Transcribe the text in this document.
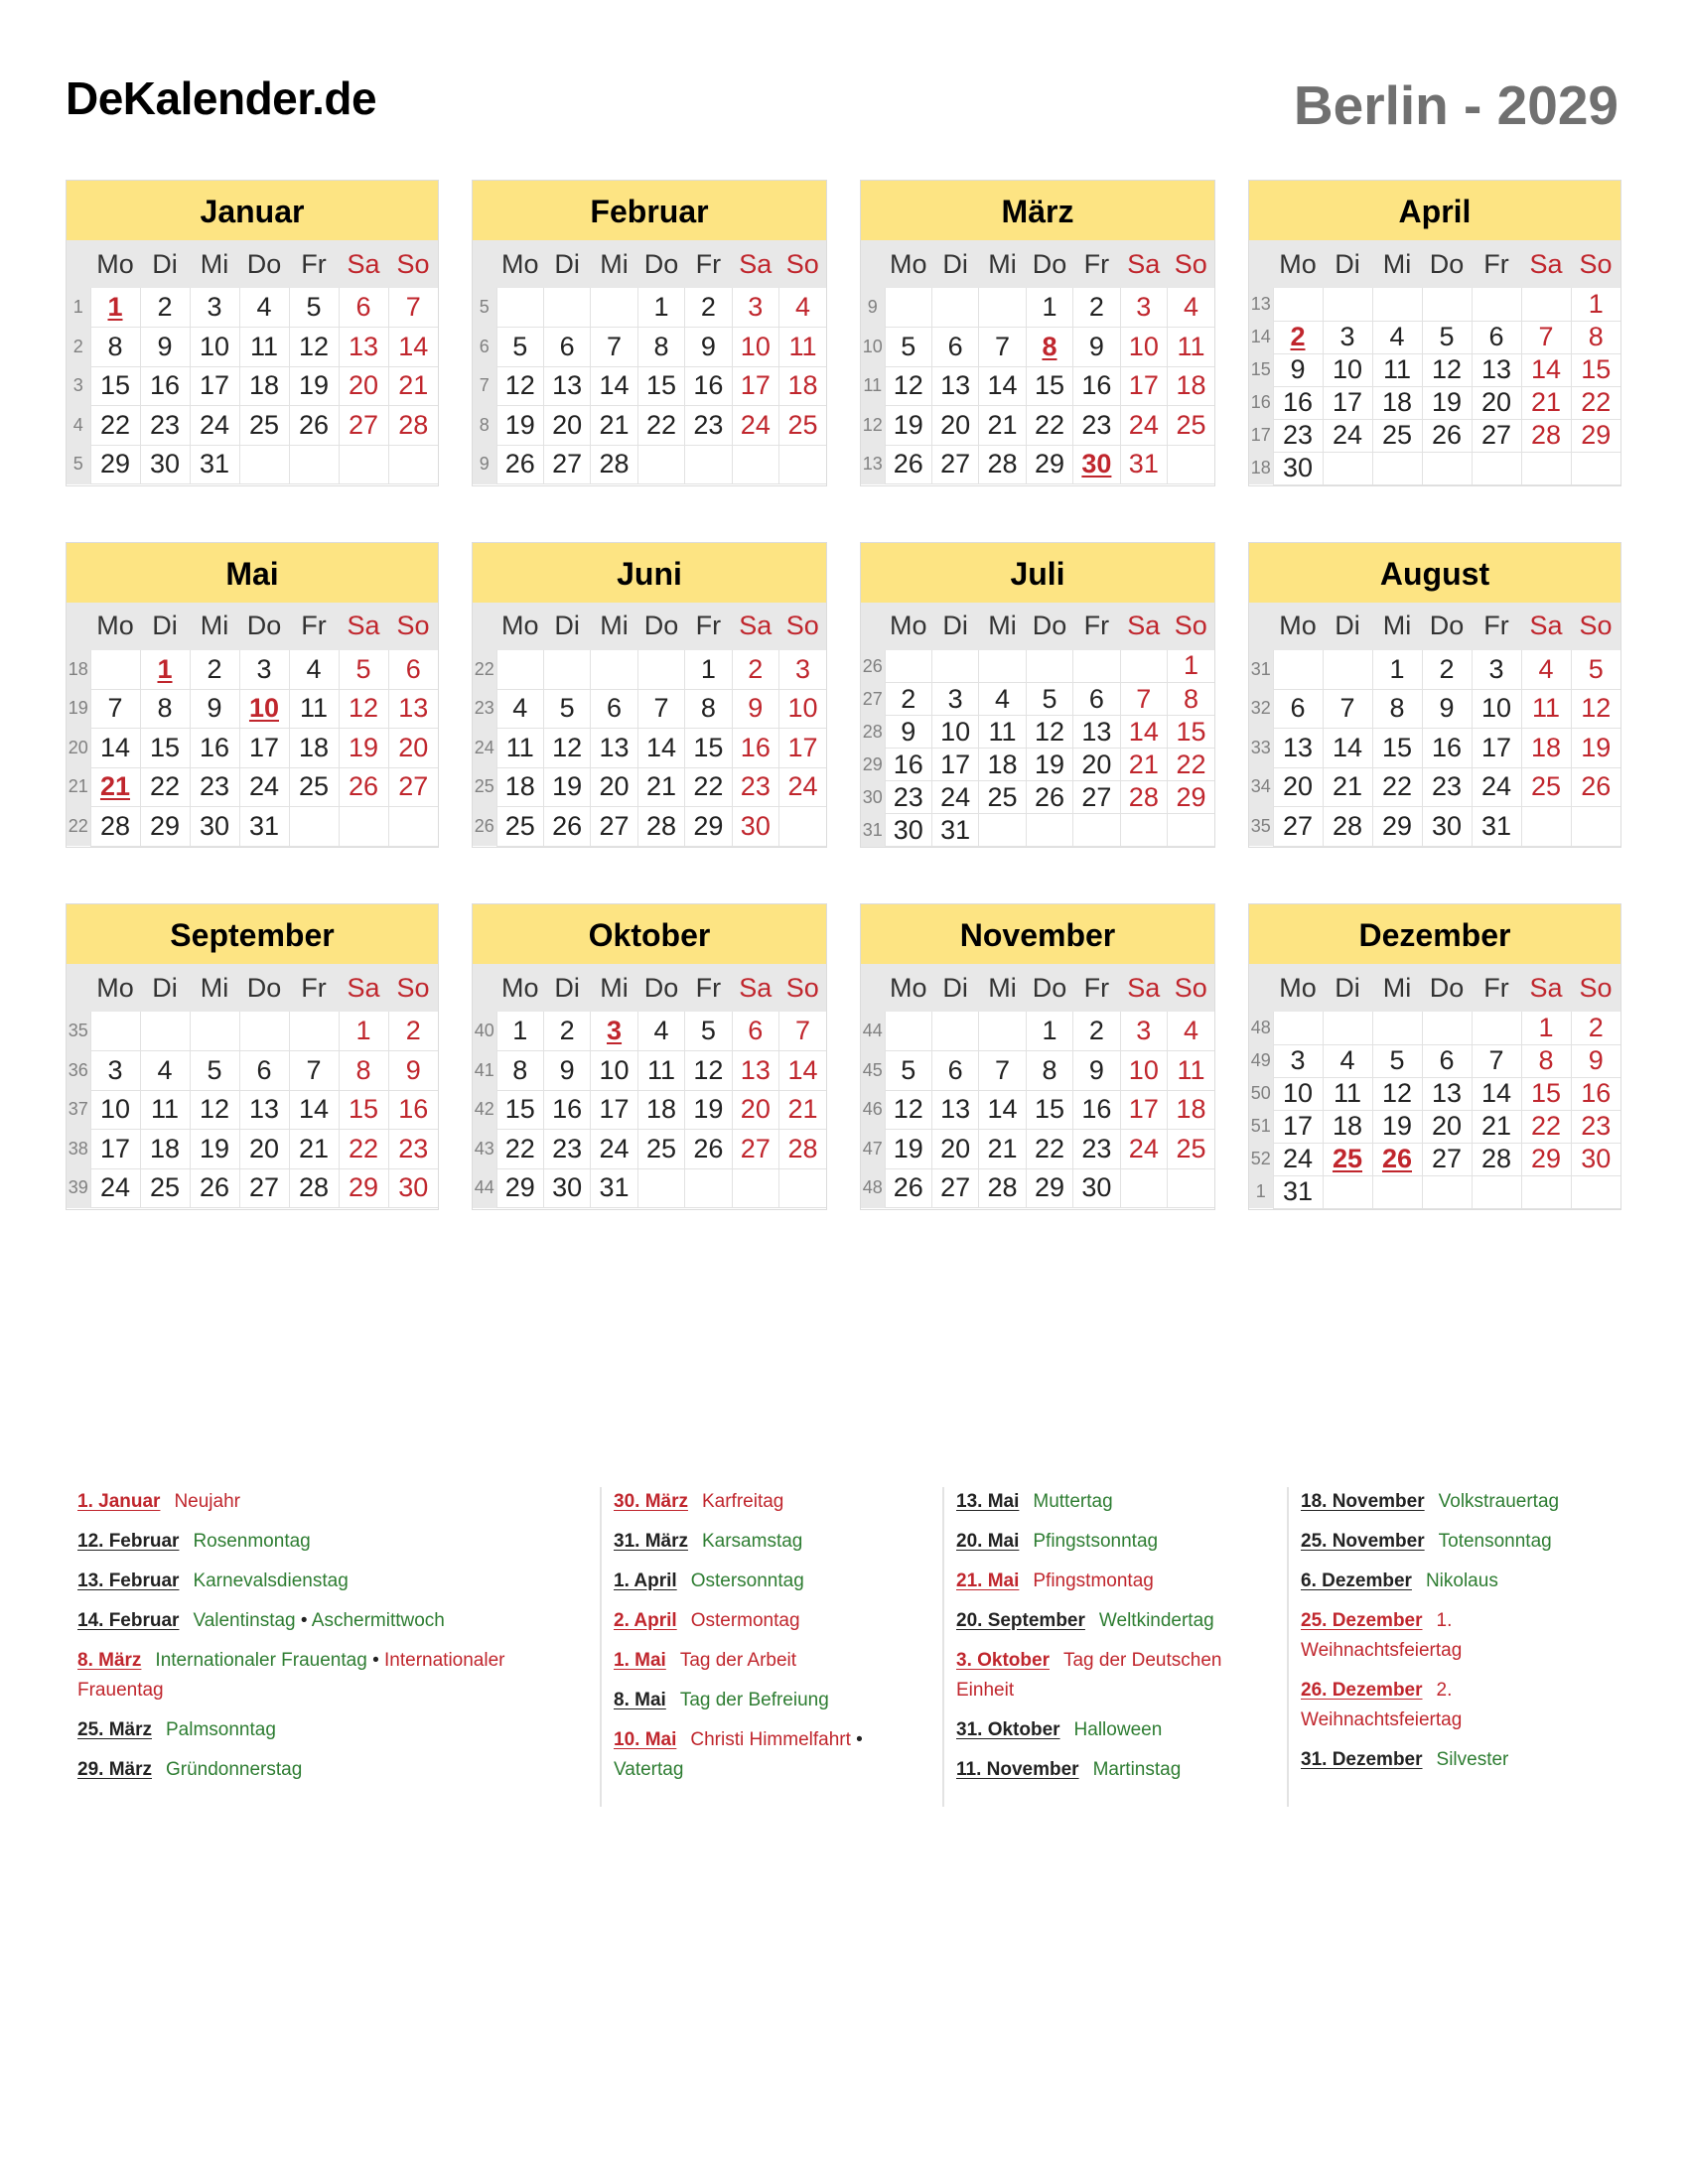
DeKalender.de	Berlin - 2029
Januar
	Mo	Di	Mi	Do	Fr	Sa	So
1	1	2	3	4	5	6	7
2	8	9	10	11	12	13	14
3	15	16	17	18	19	20	21
4	22	23	24	25	26	27	28
5	29	30	31				
Februar
	Mo	Di	Mi	Do	Fr	Sa	So
5				1	2	3	4
6	5	6	7	8	9	10	11
7	12	13	14	15	16	17	18
8	19	20	21	22	23	24	25
9	26	27	28				
März
	Mo	Di	Mi	Do	Fr	Sa	So
9				1	2	3	4
10	5	6	7	8	9	10	11
11	12	13	14	15	16	17	18
12	19	20	21	22	23	24	25
13	26	27	28	29	30	31	
April
	Mo	Di	Mi	Do	Fr	Sa	So
13							1
14	2	3	4	5	6	7	8
15	9	10	11	12	13	14	15
16	16	17	18	19	20	21	22
17	23	24	25	26	27	28	29
18	30						
Mai
	Mo	Di	Mi	Do	Fr	Sa	So
18		1	2	3	4	5	6
19	7	8	9	10	11	12	13
20	14	15	16	17	18	19	20
21	21	22	23	24	25	26	27
22	28	29	30	31			
Juni
	Mo	Di	Mi	Do	Fr	Sa	So
22					1	2	3
23	4	5	6	7	8	9	10
24	11	12	13	14	15	16	17
25	18	19	20	21	22	23	24
26	25	26	27	28	29	30	
Juli
	Mo	Di	Mi	Do	Fr	Sa	So
26							1
27	2	3	4	5	6	7	8
28	9	10	11	12	13	14	15
29	16	17	18	19	20	21	22
30	23	24	25	26	27	28	29
31	30	31					
August
	Mo	Di	Mi	Do	Fr	Sa	So
31			1	2	3	4	5
32	6	7	8	9	10	11	12
33	13	14	15	16	17	18	19
34	20	21	22	23	24	25	26
35	27	28	29	30	31		
September
	Mo	Di	Mi	Do	Fr	Sa	So
35						1	2
36	3	4	5	6	7	8	9
37	10	11	12	13	14	15	16
38	17	18	19	20	21	22	23
39	24	25	26	27	28	29	30
Oktober
	Mo	Di	Mi	Do	Fr	Sa	So
40	1	2	3	4	5	6	7
41	8	9	10	11	12	13	14
42	15	16	17	18	19	20	21
43	22	23	24	25	26	27	28
44	29	30	31				
November
	Mo	Di	Mi	Do	Fr	Sa	So
44				1	2	3	4
45	5	6	7	8	9	10	11
46	12	13	14	15	16	17	18
47	19	20	21	22	23	24	25
48	26	27	28	29	30		
Dezember
	Mo	Di	Mi	Do	Fr	Sa	So
48						1	2
49	3	4	5	6	7	8	9
50	10	11	12	13	14	15	16
51	17	18	19	20	21	22	23
52	24	25	26	27	28	29	30
1	31						
1. Januar Neujahr
12. Februar Rosenmontag
13. Februar Karnevalsdienstag
14. Februar Valentinstag • Aschermittwoch
8. März Internationaler Frauentag • Internationaler Frauentag
25. März Palmsonntag
29. März Gründonnerstag
30. März Karfreitag
31. März Karsamstag
1. April Ostersonntag
2. April Ostermontag
1. Mai Tag der Arbeit
8. Mai Tag der Befreiung
10. Mai Christi Himmelfahrt • Vatertag
13. Mai Muttertag
20. Mai Pfingstsonntag
21. Mai Pfingstmontag
20. September Weltkindertag
3. Oktober Tag der Deutschen Einheit
31. Oktober Halloween
11. November Martinstag
18. November Volkstrauertag
25. November Totensonntag
6. Dezember Nikolaus
25. Dezember 1. Weihnachtsfeiertag
26. Dezember 2. Weihnachtsfeiertag
31. Dezember Silvester
